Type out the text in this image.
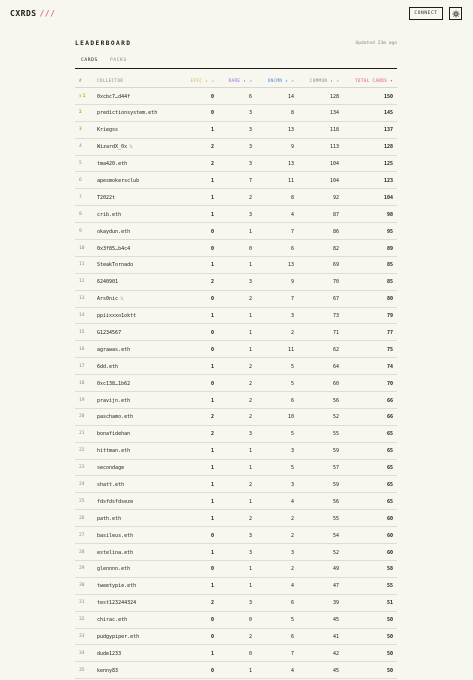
CXRDS ///	CONNECT
LEADERBOARD	Updated 23m ago
CARDS	PACKS
#	COLLECTOR	EPIC ↕ ↗	RARE ↕ ↗	UNCMN ↕ ↗	COMMON ↕ ↗	TOTAL CARDS ▾
♛1 0xcbc7…d44f	0	6	14	128	150
2	predictionsystem.eth	0	3	8	134	145
3	Kriegss	1	3	13	118	137
4	WizardX_0x 𝕏	2	3	9	113	128
5	tma420.eth	2	3	13	104	125
6	apesmokersclub	1	7	11	104	123
7	T2022t	1	2	8	92	104
8	crib.eth	1	3	4	87	98
9	okaydun.eth	0	1	7	86	95
10 0x3f85…b4c4	0	0	6	82	89
11 SteakTornado	1	1	13	69	85
12 6240901	2	3	9	70	85
13 Ars0nic 𝕏	0	2	7	67	80
14 ppiixxxo1oktt	1	1	3	73	79
15 G1234567	0	1	2	71	77
16 agrawas.eth	0	1	11	62	75
17 6dd.eth	1	2	5	64	74
18 0xc138…1b62	0	2	5	60	70
19 pravijn.eth	1	2	6	56	66
20 paschamo.eth	2	2	10	52	66
21 bonafidehan	2	3	5	55	65
22 hittman.eth	1	1	3	59	65
23 secondage	1	1	5	57	65
24 shatt.eth	1	2	3	59	65
25 fdsfdsfdseze	1	1	4	56	65
26 path.eth	1	2	2	55	60
27 basileus.eth	0	3	2	54	60
28 estelina.eth	1	3	3	52	60
29 glennnn.eth	0	1	2	49	58
30 tweetypie.eth	1	1	4	47	55
31 test123244324	2	3	6	39	51
32 chirac.eth	0	0	5	45	50
33 pudgypiper.eth	0	2	6	41	50
34 dude1233	1	0	7	42	50
35 kenny83	0	1	4	45	50
